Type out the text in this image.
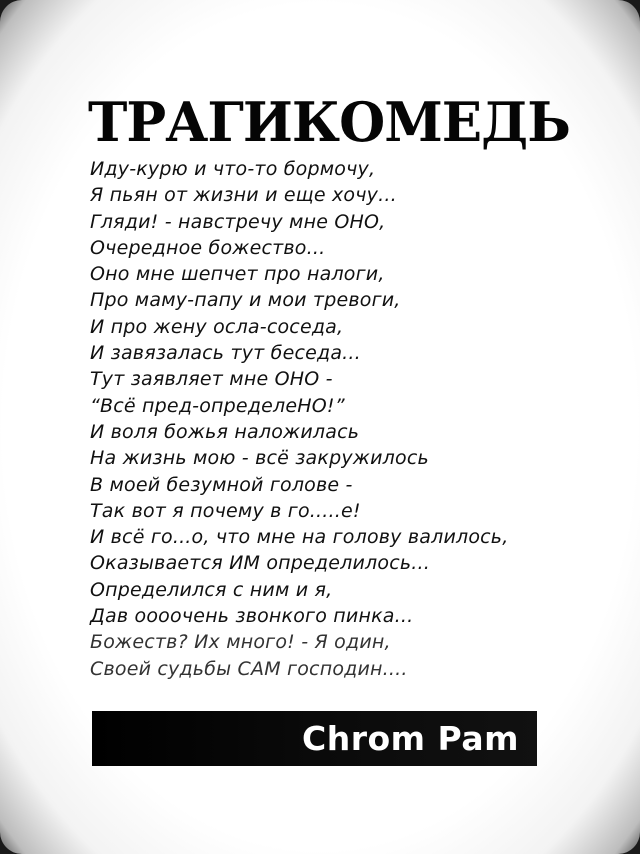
ТРАГИКОМЕДЬ
Иду-курю и что-то бормочу,
Я пьян от жизни и еще хочу...
Гляди! - навстречу мне ОНО,
Очередное божество...
Оно мне шепчет про налоги,
Про маму-папу и мои тревоги,
И про жену осла-соседа,
И завязалась тут беседа...
Тут заявляет мне ОНО -
“Всё пред-определеНО!”
И воля божья наложилась
На жизнь мою - всё закружилось
В моей безумной голове -
Так вот я почему в го.....е!
И всё го...о, что мне на голову валилось,
Оказывается ИМ определилось...
Определился с ним и я,
Дав оооочень звонкого пинка...
Божеств? Их много! - Я один,
Своей судьбы САМ господин....
Chrom Pam
